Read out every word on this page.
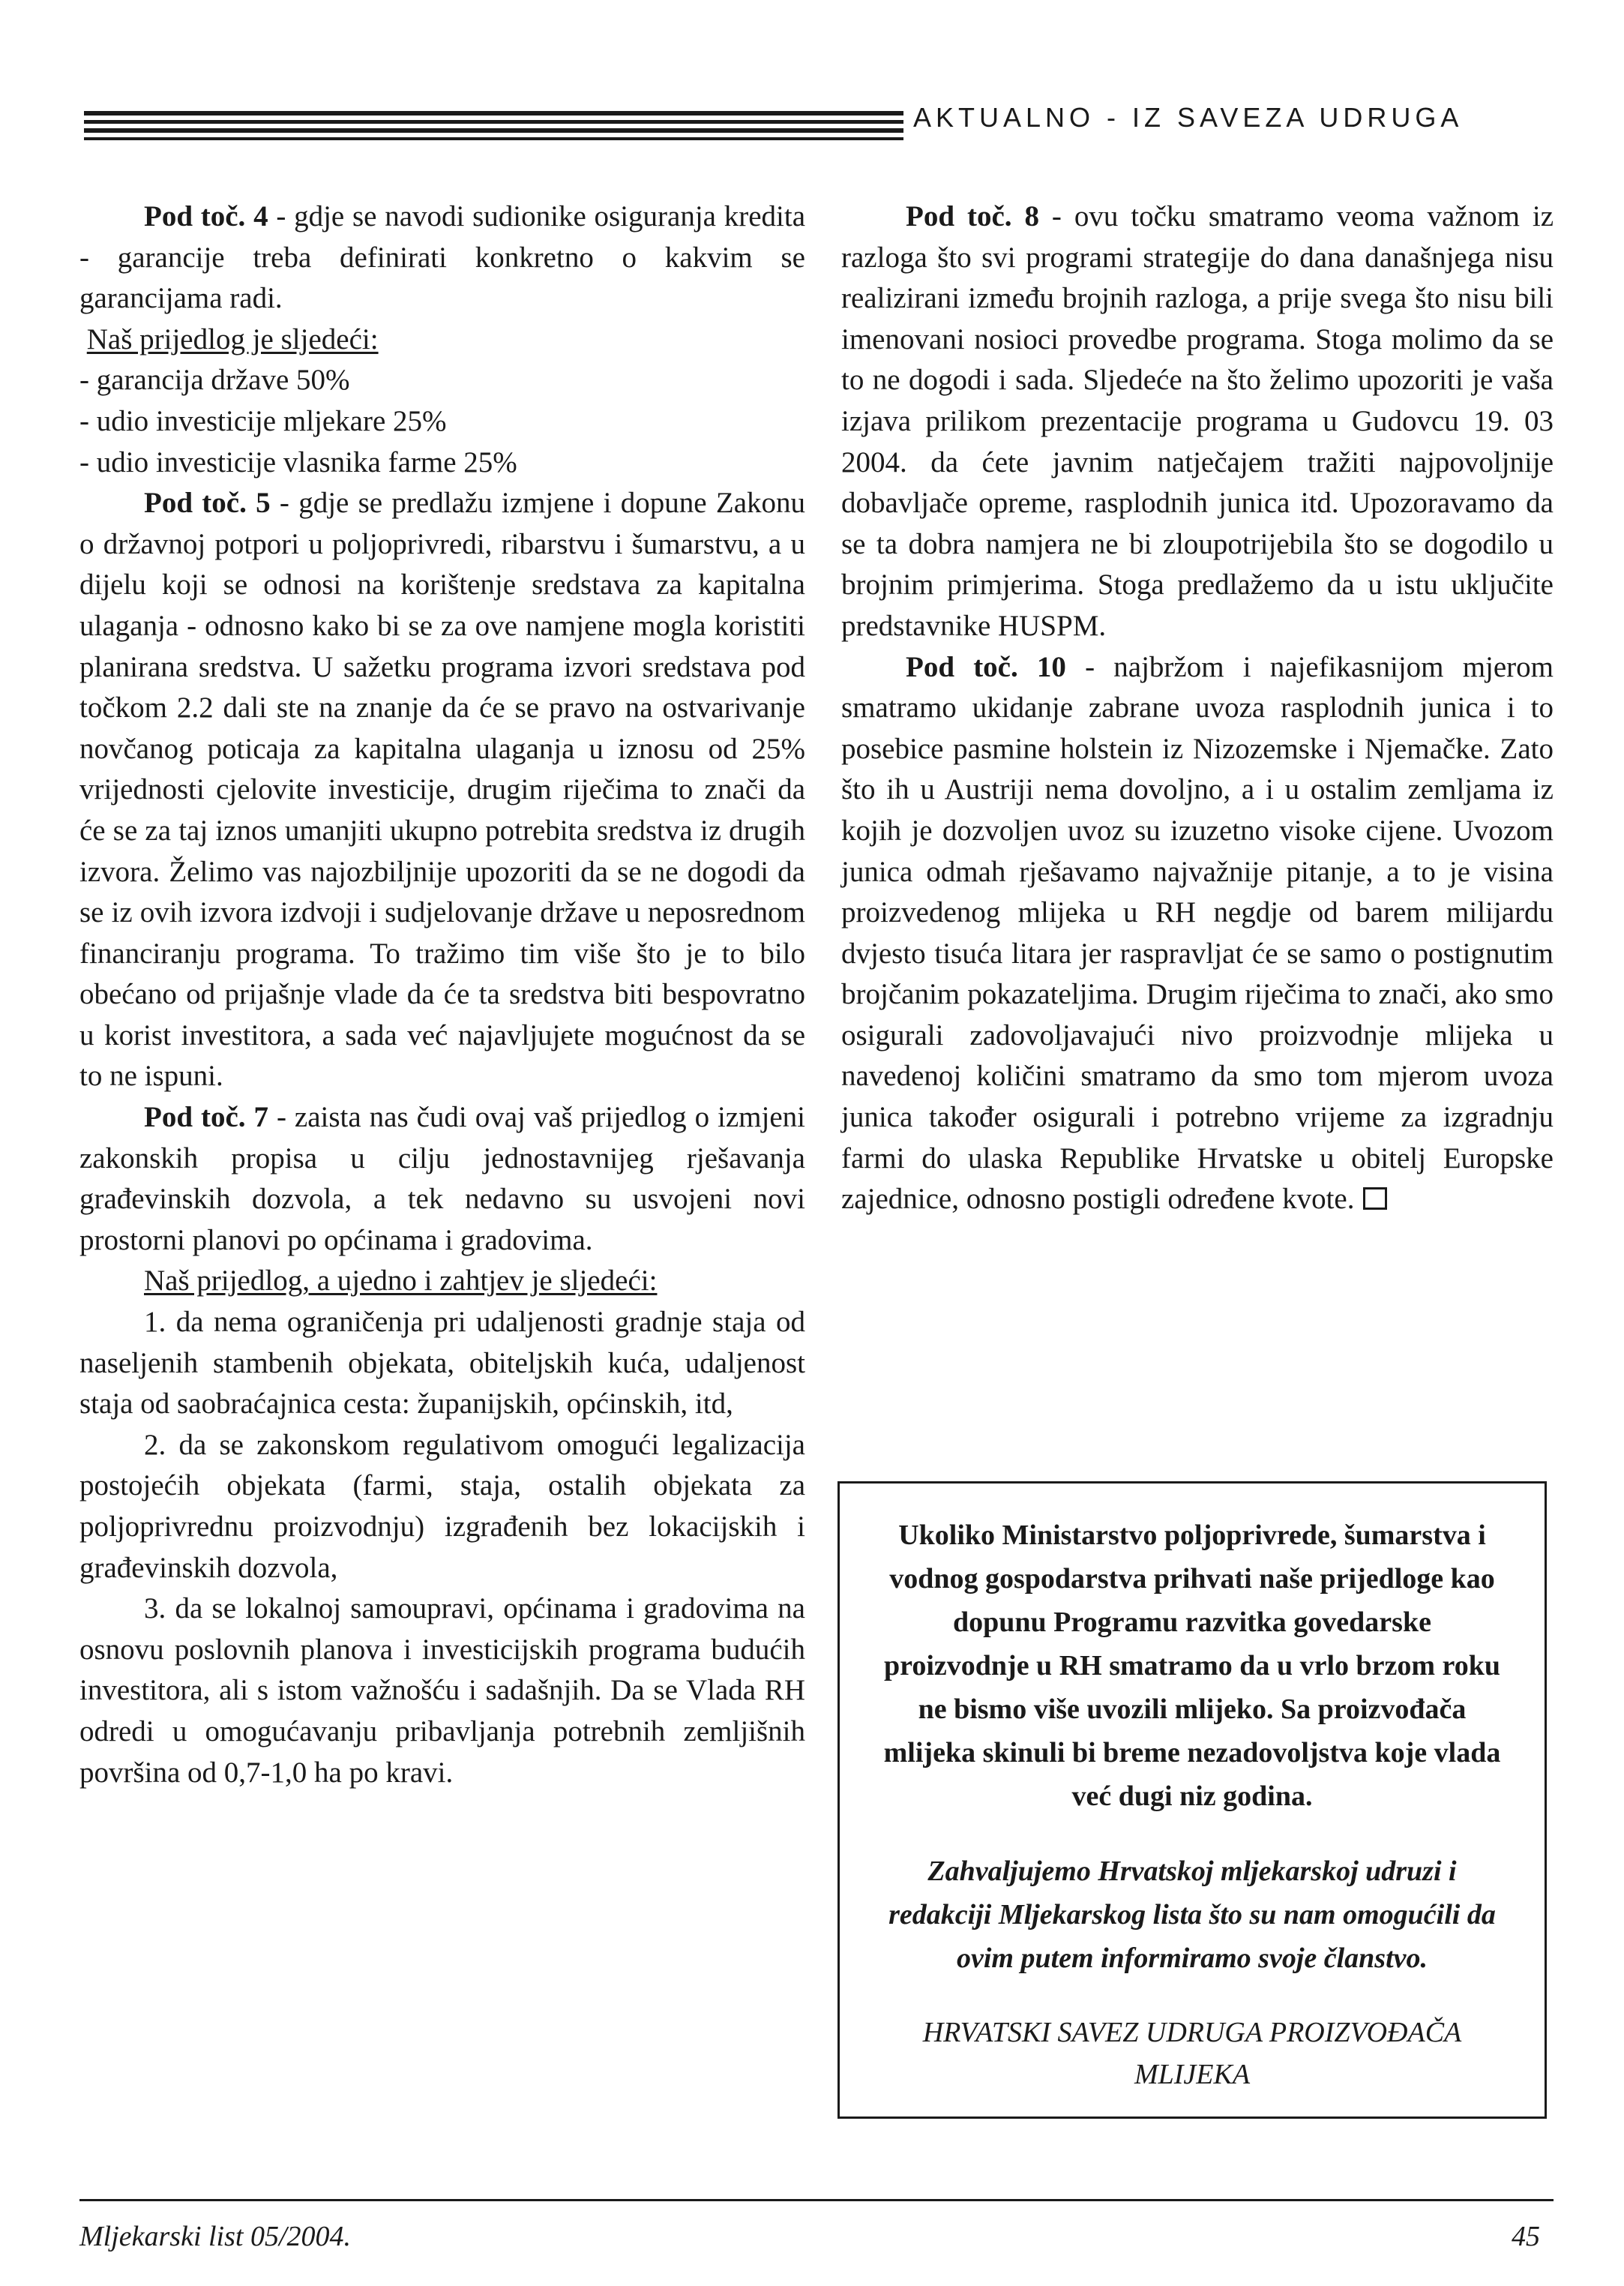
AKTUALNO - IZ SAVEZA UDRUGA

Pod toč. 4 - gdje se navodi sudionike osiguranja kredita - garancije treba definirati konkretno o kakvim se garancijama radi.

Naš prijedlog je sljedeći:

- garancija države 50%

- udio investicije mljekare 25%

- udio investicije vlasnika farme 25%

Pod toč. 5 - gdje se predlažu izmjene i dopune Zakonu o državnoj potpori u poljoprivredi, ribarstvu i šumarstvu, a u dijelu koji se odnosi na korištenje sredstava za kapitalna ulaganja - odnosno kako bi se za ove namjene mogla koristiti planirana sredstva. U sažetku programa izvori sredstava pod točkom 2.2 dali ste na znanje da će se pravo na ostvarivanje novčanog poticaja za kapitalna ulaganja u iznosu od 25% vrijednosti cjelovite investicije, drugim riječima to znači da će se za taj iznos umanjiti ukupno potrebita sredstva iz drugih izvora. Želimo vas najozbiljnije upozoriti da se ne dogodi da se iz ovih izvora izdvoji i sudjelovanje države u neposrednom financiranju programa. To tražimo tim više što je to bilo obećano od prijašnje vlade da će ta sredstva biti bespovratno u korist investitora, a sada već najavljujete mogućnost da se to ne ispuni.

Pod toč. 7 - zaista nas čudi ovaj vaš prijedlog o izmjeni zakonskih propisa u cilju jednostavnijeg rješavanja građevinskih dozvola, a tek nedavno su usvojeni novi prostorni planovi po općinama i gradovima.

Naš prijedlog, a ujedno i zahtjev je sljedeći:

1. da nema ograničenja pri udaljenosti gradnje staja od naseljenih stambenih objekata, obiteljskih kuća, udaljenost staja od saobraćajnica cesta: županijskih, općinskih, itd,

2. da se zakonskom regulativom omogući legalizacija postojećih objekata (farmi, staja, ostalih objekata za poljoprivrednu proizvodnju) izgrađenih bez lokacijskih i građevinskih dozvola,

3. da se lokalnoj samoupravi, općinama i gradovima na osnovu poslovnih planova i investicijskih programa budućih investitora, ali s istom važnošću i sadašnjih. Da se Vlada RH odredi u omogućavanju pribavljanja potrebnih zemljišnih površina od 0,7-1,0 ha po kravi.

Pod toč. 8 - ovu točku smatramo veoma važnom iz razloga što svi programi strategije do dana današnjega nisu realizirani između brojnih razloga, a prije svega što nisu bili imenovani nosioci provedbe programa. Stoga molimo da se to ne dogodi i sada. Sljedeće na što želimo upozoriti je vaša izjava prilikom prezentacije programa u Gudovcu 19. 03 2004. da ćete javnim natječajem tražiti najpovoljnije dobavljače opreme, rasplodnih junica itd. Upozoravamo da se ta dobra namjera ne bi zloupotrijebila što se dogodilo u brojnim primjerima. Stoga predlažemo da u istu uključite predstavnike HUSPM.

Pod toč. 10 - najbržom i najefikasnijom mjerom smatramo ukidanje zabrane uvoza rasplodnih junica i to posebice pasmine holstein iz Nizozemske i Njemačke. Zato što ih u Austriji nema dovoljno, a i u ostalim zemljama iz kojih je dozvoljen uvoz su izuzetno visoke cijene. Uvozom junica odmah rješavamo najvažnije pitanje, a to je visina proizvedenog mlijeka u RH negdje od barem milijardu dvjesto tisuća litara jer raspravljat će se samo o postignutim brojčanim pokazateljima. Drugim riječima to znači, ako smo osigurali zadovoljavajući nivo proizvodnje mlijeka u navedenoj količini smatramo da smo tom mjerom uvoza junica također osigurali i potrebno vrijeme za izgradnju farmi do ulaska Republike Hrvatske u obitelj Europske zajednice, odnosno postigli određene kvote.

Ukoliko Ministarstvo poljoprivrede, šumarstva i vodnog gospodarstva prihvati naše prijedloge kao dopunu Programu razvitka govedarske proizvodnje u RH smatramo da u vrlo brzom roku ne bismo više uvozili mlijeko. Sa proizvođača mlijeka skinuli bi breme nezadovoljstva koje vlada već dugi niz godina.

Zahvaljujemo Hrvatskoj mljekarskoj udruzi i redakciji Mljekarskog lista što su nam omogućili da ovim putem informiramo svoje članstvo.

HRVATSKI SAVEZ UDRUGA PROIZVOĐAČA MLIJEKA

Mljekarski list 05/2004.	45
